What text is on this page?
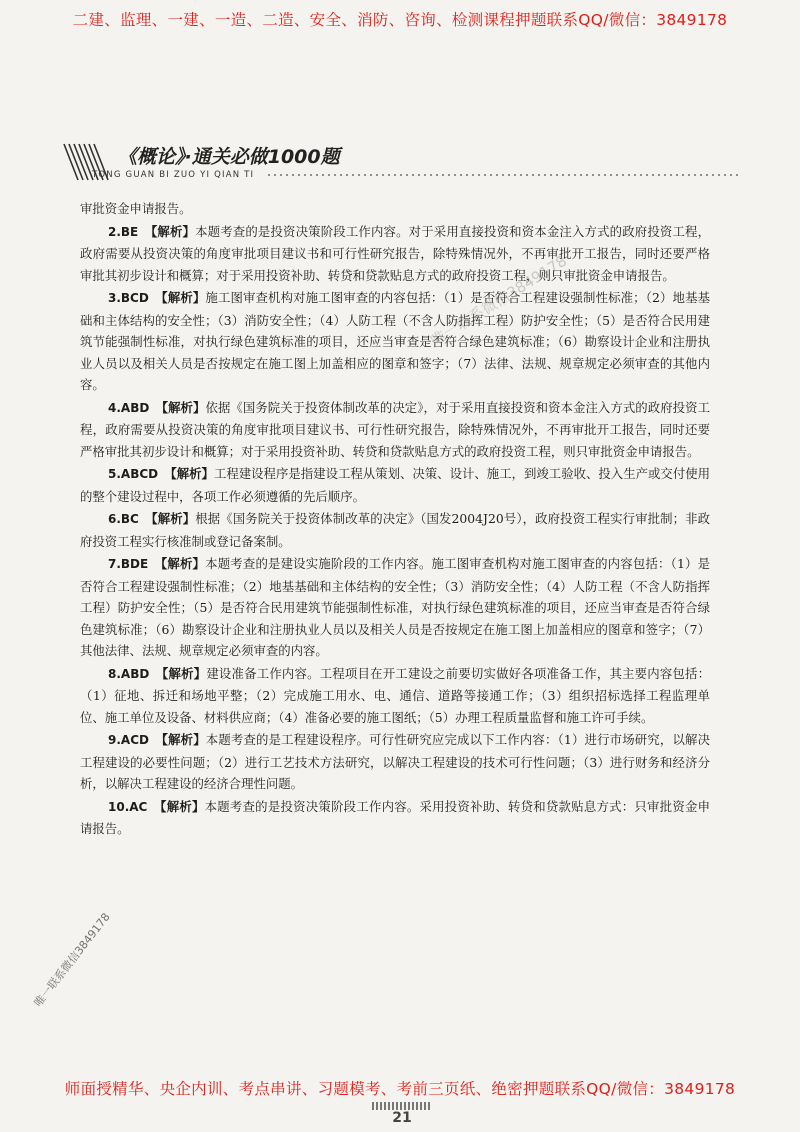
二建、监理、一建、一造、二造、安全、消防、咨询、检测课程押题联系QQ/微信：3849178
《概论》·通关必做1000题
TONG GUAN BI ZUO YI QIAN TI

审批资金申请报告。

2.BE　 【解析】本题考查的是投资决策阶段工作内容。对于采用直接投资和资本金注入方式的政府投资工程，政府需要从投资决策的角度审批项目建议书和可行性研究报告，除特殊情况外，不再审批开工报告，同时还要严格审批其初步设计和概算；对于采用投资补助、转贷和贷款贴息方式的政府投资工程，则只审批资金申请报告。

3.BCD　 【解析】施工图审查机构对施工图审查的内容包括：（1）是否符合工程建设强制性标准；（2）地基基础和主体结构的安全性；（3）消防安全性；（4）人防工程（不含人防指挥工程）防护安全性；（5）是否符合民用建筑节能强制性标准，对执行绿色建筑标准的项目，还应当审查是否符合绿色建筑标准；（6）勘察设计企业和注册执业人员以及相关人员是否按规定在施工图上加盖相应的图章和签字；（7）法律、法规、规章规定必须审查的其他内容。

4.ABD　 【解析】依据《国务院关于投资体制改革的决定》，对于采用直接投资和资本金注入方式的政府投资工程，政府需要从投资决策的角度审批项目建议书、可行性研究报告，除特殊情况外，不再审批开工报告，同时还要严格审批其初步设计和概算；对于采用投资补助、转贷和贷款贴息方式的政府投资工程，则只审批资金申请报告。

5.ABCD　 【解析】工程建设程序是指建设工程从策划、决策、设计、施工，到竣工验收、投入生产或交付使用的整个建设过程中，各项工作必须遵循的先后顺序。

6.BC　 【解析】根据《国务院关于投资体制改革的决定》（国发2004J20号），政府投资工程实行审批制；非政府投资工程实行核准制或登记备案制。

7.BDE　 【解析】本题考查的是建设实施阶段的工作内容。施工图审查机构对施工图审查的内容包括：（1）是否符合工程建设强制性标准；（2）地基基础和主体结构的安全性；（3）消防安全性；（4）人防工程（不含人防指挥工程）防护安全性；（5）是否符合民用建筑节能强制性标准，对执行绿色建筑标准的项目，还应当审查是否符合绿色建筑标准；（6）勘察设计企业和注册执业人员以及相关人员是否按规定在施工图上加盖相应的图章和签字；（7）其他法律、法规、规章规定必须审查的内容。

8.ABD　 【解析】建设准备工作内容。工程项目在开工建设之前要切实做好各项准备工作，其主要内容包括：（1）征地、拆迁和场地平整；（2）完成施工用水、电、通信、道路等接通工作；（3）组织招标选择工程监理单位、施工单位及设备、材料供应商；（4）准备必要的施工图纸；（5）办理工程质量监督和施工许可手续。

9.ACD　 【解析】本题考查的是工程建设程序。可行性研究应完成以下工作内容：（1）进行市场研究，以解决工程建设的必要性问题；（2）进行工艺技术方法研究，以解决工程建设的技术可行性问题；（3）进行财务和经济分析，以解决工程建设的经济合理性问题。

10.AC　 【解析】本题考查的是投资决策阶段工作内容。采用投资补助、转贷和贷款贴息方式：只审批资金申请报告。

唯一联系微信3849178
唯一联系微信3849178
师面授精华、央企内训、考点串讲、习题模考、考前三页纸、绝密押题联系QQ/微信：3849178
21
